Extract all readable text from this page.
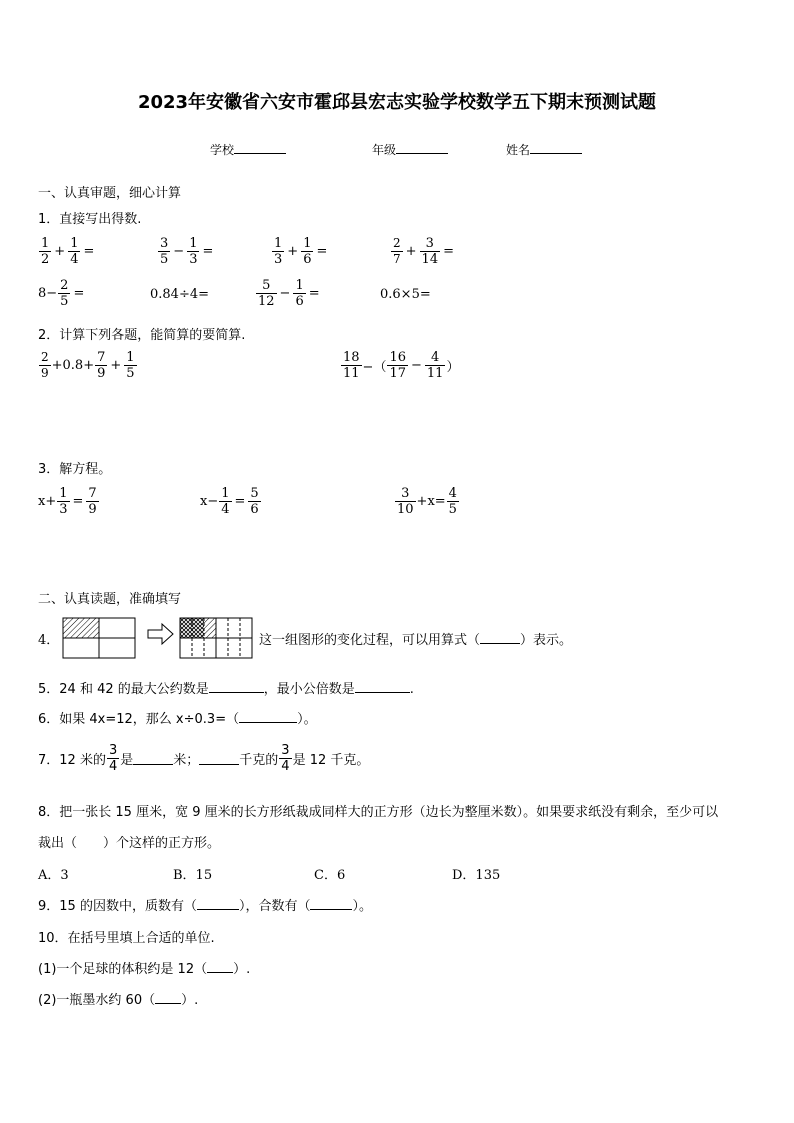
2023年安徽省六安市霍邱县宏志实验学校数学五下期末预测试题
学校	年级	姓名
一、认真审题，细心计算
1．直接写出得数.
$\frac{1}{2} + \frac{1}{4}$ =	$\frac{3}{5} - \frac{1}{3}$ =	$\frac{1}{3} + \frac{1}{6}$ =	$\frac{2}{7} + \frac{3}{14}$ =
$8- \frac{2}{5}$ =	0.84÷4=	$\frac{5}{12} - \frac{1}{6}$ =	0.6×5=
2．计算下列各题，能简算的要简算.
$\frac{2}{9} +0.8+ \frac{7}{9} + \frac{1}{5}$	$\frac{18}{11}$ −（ $\frac{16}{17} - \frac{4}{11}$ ）
3．解方程。
$x+ \frac{1}{3} = \frac{7}{9}$	$x- \frac{1}{4} = \frac{5}{6}$	$\frac{3}{10} +x= \frac{4}{5}$
二、认真读题，准确填写
4．	这一组图形的变化过程，可以用算式（	）表示。
5．24 和 42 的最大公约数是	，最小公倍数是	.
6．如果 4x=12，那么 x÷0.3=（	）。
7．12 米的 $\frac{3}{4}$ 是	米；	千克的 $\frac{3}{4}$ 是 12 千克。
8．把一张长 15 厘米，宽 9 厘米的长方形纸裁成同样大的正方形（边长为整厘米数）。如果要求纸没有剩余，至少可以
裁出（　　）个这样的正方形。
A．3	B．15	C．6	D．135
9．15 的因数中，质数有（	），合数有（	）。
10．在括号里填上合适的单位.
(1)一个足球的体积约是 12（ ）.
(2)一瓶墨水约 60（ ）.
